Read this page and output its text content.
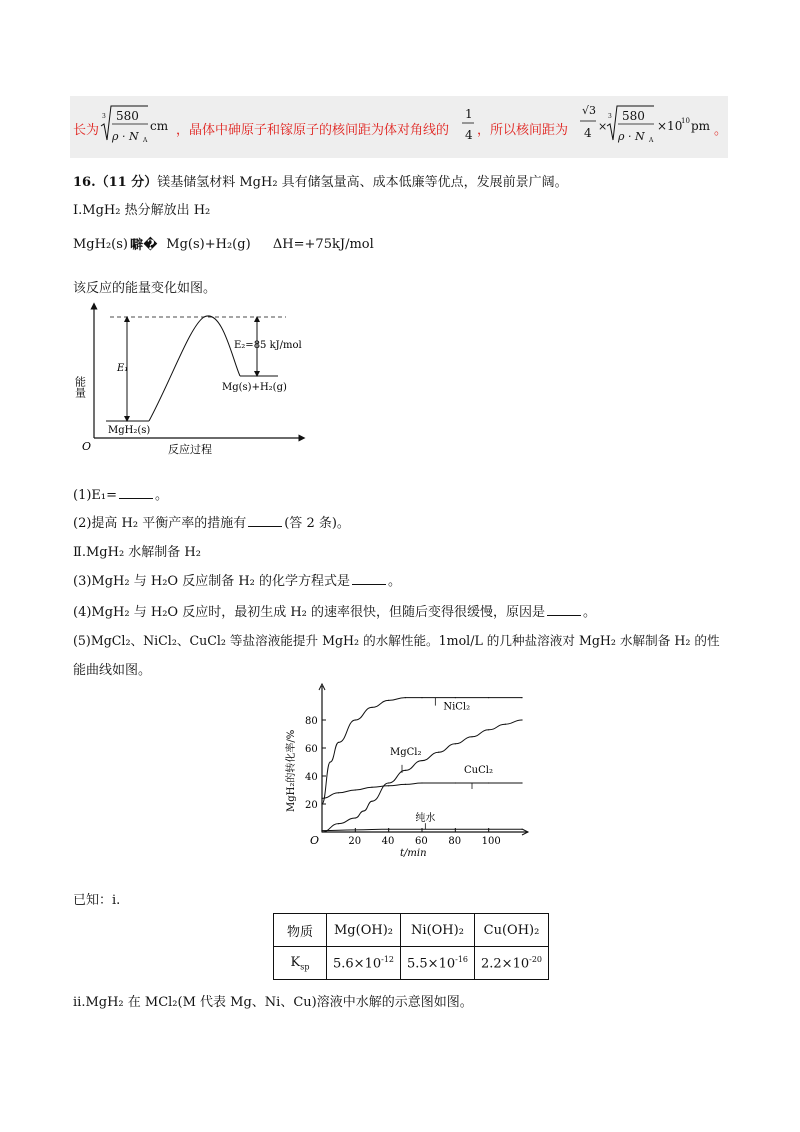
长为
3 580
ρ · N A
cm ，晶体中砷原子和镓原子的核间距为体对角线的
1
4 ，所以核间距为
√3
4 ×
3 580
ρ · N A
×10
10 pm 。
16.（11 分）镁基储氢材料 MgH₂ 具有储氢量高、成本低廉等优点，发展前景广阔。
Ⅰ.MgH₂ 热分解放出 H₂
MgH₂(s) 噼� Mg(s)+H₂(g) ΔH=+75kJ/mol
该反应的能量变化如图。
O
能量
反应过程
E₁
E₂=85 kJ/mol
Mg(s)+H₂(g)
MgH₂(s)
(1)E₁=	。
(2)提高 H₂ 平衡产率的措施有	(答 2 条)。
Ⅱ.MgH₂ 水解制备 H₂
(3)MgH₂ 与 H₂O 反应制备 H₂ 的化学方程式是	。
(4)MgH₂ 与 H₂O 反应时，最初生成 H₂ 的速率很快，但随后变得很缓慢，原因是	。
(5)MgCl₂、NiCl₂、CuCl₂ 等盐溶液能提升 MgH₂ 的水解性能。1mol/L 的几种盐溶液对 MgH₂ 水解制备 H₂ 的性
能曲线如图。
O	20 40 60 80 100
20
40
60
80
t/min
MgH₂的转化率/%
NiCl₂
MgCl₂
CuCl₂
纯水
已知：ⅰ.
物质	Mg(OH)₂	Ni(OH)₂	Cu(OH)₂
$K_{sp}$	$5.6\times 10^{-12}$	$5.5\times 10^{-16}$	$2.2\times 10^{-20}$
ⅱ.MgH₂ 在 MCl₂(M 代表 Mg、Ni、Cu)溶液中水解的示意图如图。
